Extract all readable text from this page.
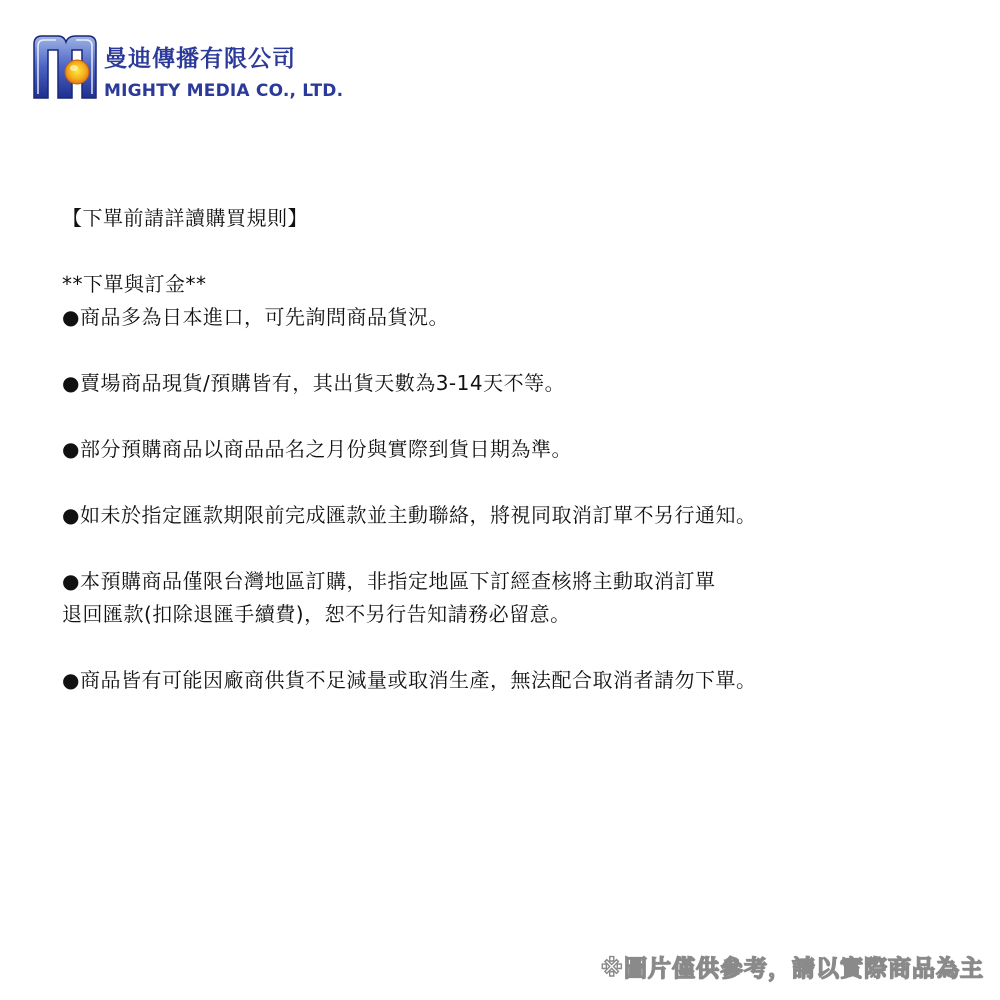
曼迪傳播有限公司
MIGHTY MEDIA CO., LTD.
【下單前請詳讀購買規則】
**下單與訂金**
●商品多為日本進口，可先詢問商品貨況。
●賣場商品現貨/預購皆有，其出貨天數為3-14天不等。
●部分預購商品以商品品名之月份與實際到貨日期為準。
●如未於指定匯款期限前完成匯款並主動聯絡，將視同取消訂單不另行通知。
●本預購商品僅限台灣地區訂購，非指定地區下訂經查核將主動取消訂單
退回匯款(扣除退匯手續費)，恕不另行告知請務必留意。
●商品皆有可能因廠商供貨不足減量或取消生產，無法配合取消者請勿下單。
※圖片僅供參考，請以實際商品為主
